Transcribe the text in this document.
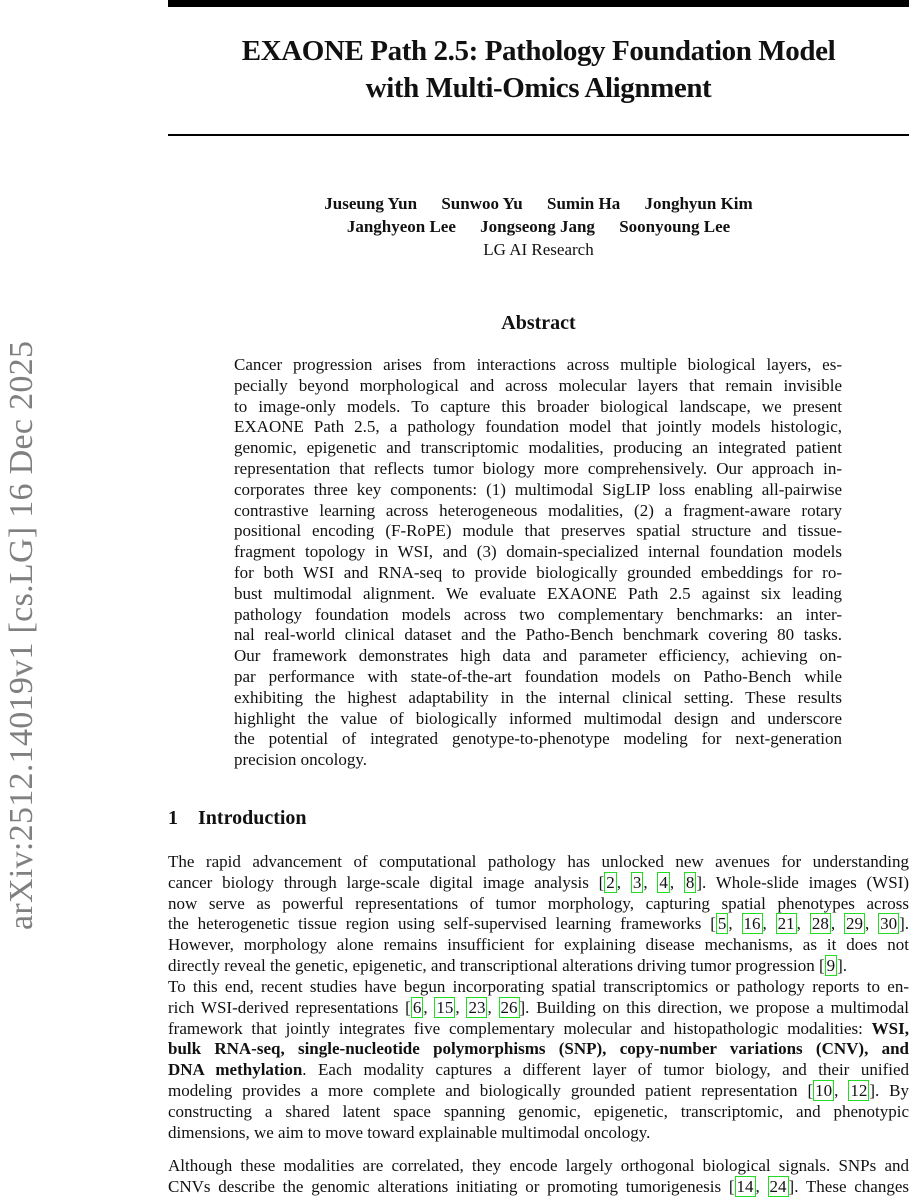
EXAONE Path 2.5: Pathology Foundation Model
with Multi-Omics Alignment
Juseung Yun Sunwoo Yu Sumin Ha Jonghyun Kim
Janghyeon Lee Jongseong Jang Soonyoung Lee
LG AI Research
Abstract
Cancer progression arises from interactions across multiple biological layers, es-
pecially beyond morphological and across molecular layers that remain invisible
to image-only models. To capture this broader biological landscape, we present
EXAONE Path 2.5, a pathology foundation model that jointly models histologic,
genomic, epigenetic and transcriptomic modalities, producing an integrated patient
representation that reflects tumor biology more comprehensively. Our approach in-
corporates three key components: (1) multimodal SigLIP loss enabling all-pairwise
contrastive learning across heterogeneous modalities, (2) a fragment-aware rotary
positional encoding (F-RoPE) module that preserves spatial structure and tissue-
fragment topology in WSI, and (3) domain-specialized internal foundation models
for both WSI and RNA-seq to provide biologically grounded embeddings for ro-
bust multimodal alignment. We evaluate EXAONE Path 2.5 against six leading
pathology foundation models across two complementary benchmarks: an inter-
nal real-world clinical dataset and the Patho-Bench benchmark covering 80 tasks.
Our framework demonstrates high data and parameter efficiency, achieving on-
par performance with state-of-the-art foundation models on Patho-Bench while
exhibiting the highest adaptability in the internal clinical setting. These results
highlight the value of biologically informed multimodal design and underscore
the potential of integrated genotype-to-phenotype modeling for next-generation
precision oncology.
1 Introduction
The rapid advancement of computational pathology has unlocked new avenues for understanding
cancer biology through large-scale digital image analysis [ 2 , 3 , 4 , 8 ]. Whole-slide images (WSI)
now serve as powerful representations of tumor morphology, capturing spatial phenotypes across
the heterogenetic tissue region using self-supervised learning frameworks [ 5 , 16 , 21 , 28 , 29 , 30 ].
However, morphology alone remains insufficient for explaining disease mechanisms, as it does not
directly reveal the genetic, epigenetic, and transcriptional alterations driving tumor progression [ 9 ].
To this end, recent studies have begun incorporating spatial transcriptomics or pathology reports to en-
rich WSI-derived representations [ 6 , 15 , 23 , 26 ]. Building on this direction, we propose a multimodal
framework that jointly integrates five complementary molecular and histopathologic modalities: WSI,
bulk RNA-seq, single-nucleotide polymorphisms (SNP), copy-number variations (CNV), and
DNA methylation. Each modality captures a different layer of tumor biology, and their unified
modeling provides a more complete and biologically grounded patient representation [ 10 , 12 ]. By
constructing a shared latent space spanning genomic, epigenetic, transcriptomic, and phenotypic
dimensions, we aim to move toward explainable multimodal oncology.
Although these modalities are correlated, they encode largely orthogonal biological signals. SNPs and
CNVs describe the genomic alterations initiating or promoting tumorigenesis [ 14 , 24 ]. These changes
arXiv:2512.14019v1 [cs.LG] 16 Dec 2025
